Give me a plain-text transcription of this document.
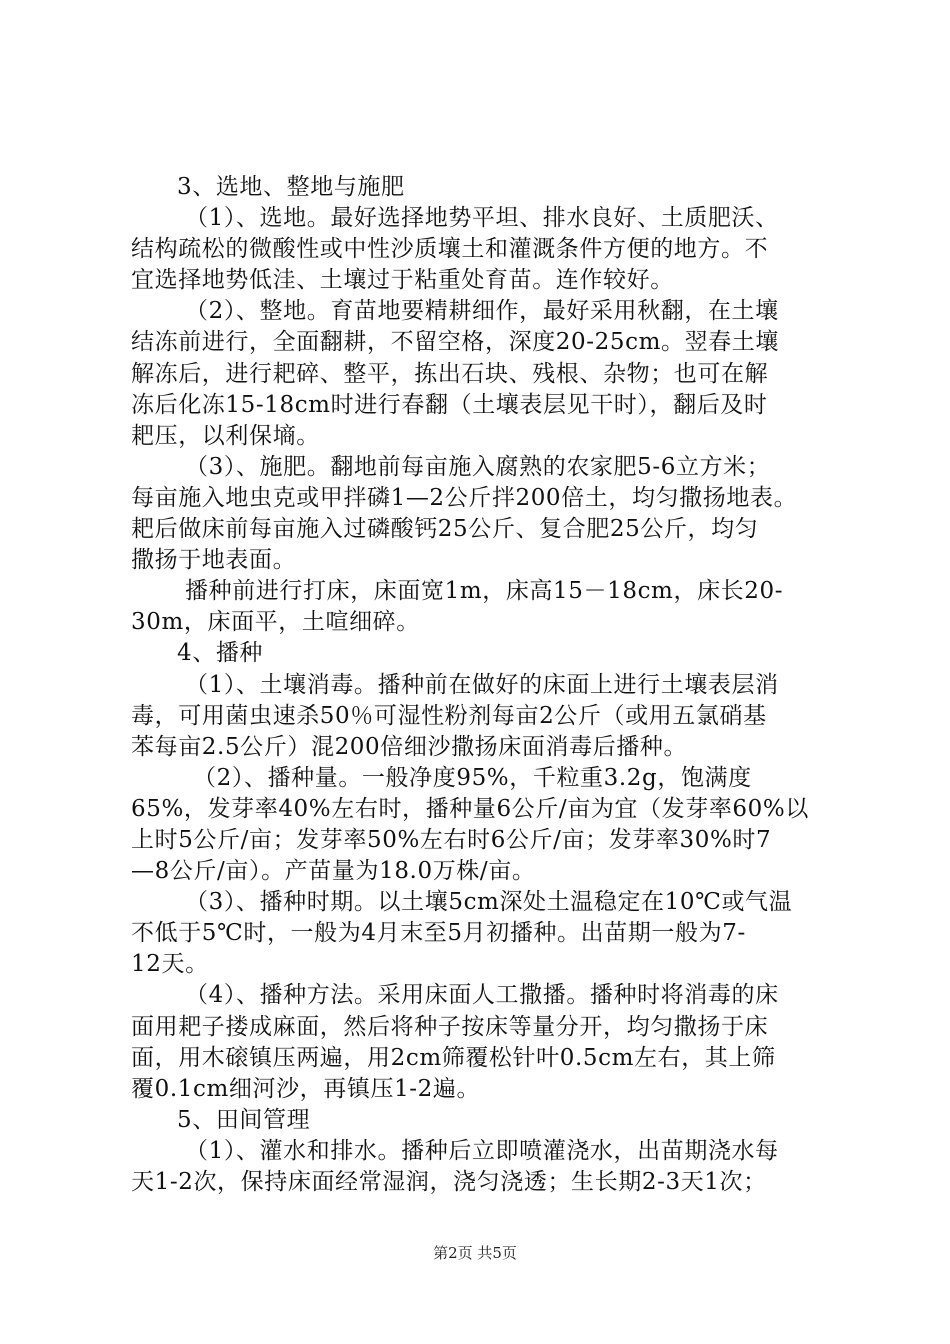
3、选地、整地与施肥
（1）、选地。最好选择地势平坦、排水良好、土质肥沃、
结构疏松的微酸性或中性沙质壤土和灌溉条件方便的地方。不
宜选择地势低洼、土壤过于粘重处育苗。连作较好。
（2）、整地。育苗地要精耕细作，最好采用秋翻，在土壤
结冻前进行，全面翻耕，不留空格，深度20-25cm。翌春土壤
解冻后，进行耙碎、整平，拣出石块、残根、杂物；也可在解
冻后化冻15-18cm时进行春翻（土壤表层见干时），翻后及时
耙压，以利保墒。
（3）、施肥。翻地前每亩施入腐熟的农家肥5-6立方米；
每亩施入地虫克或甲拌磷1—2公斤拌200倍土，均匀撒扬地表。
耙后做床前每亩施入过磷酸钙25公斤、复合肥25公斤，均匀
撒扬于地表面。
播种前进行打床，床面宽1m，床高15－18cm，床长20-
30m，床面平，土喧细碎。
4、播种
（1）、土壤消毒。播种前在做好的床面上进行土壤表层消
毒，可用菌虫速杀50％可湿性粉剂每亩2公斤（或用五氯硝基
苯每亩2.5公斤）混200倍细沙撒扬床面消毒后播种。
（2）、播种量。一般净度95%，千粒重3.2g，饱满度
65%，发芽率40%左右时，播种量6公斤/亩为宜（发芽率60%以
上时5公斤/亩；发芽率50%左右时6公斤/亩；发芽率30%时7
—8公斤/亩）。产苗量为18.0万株/亩。
（3）、播种时期。以土壤5cm深处土温稳定在10℃或气温
不低于5℃时，一般为4月末至5月初播种。出苗期一般为7-
12天。
（4）、播种方法。采用床面人工撒播。播种时将消毒的床
面用耙子搂成麻面，然后将种子按床等量分开，均匀撒扬于床
面，用木磙镇压两遍，用2cm筛覆松针叶0.5cm左右，其上筛
覆0.1cm细河沙，再镇压1-2遍。
5、田间管理
（1）、灌水和排水。播种后立即喷灌浇水，出苗期浇水每
天1-2次，保持床面经常湿润，浇匀浇透；生长期2-3天1次；
第2页 共5页
